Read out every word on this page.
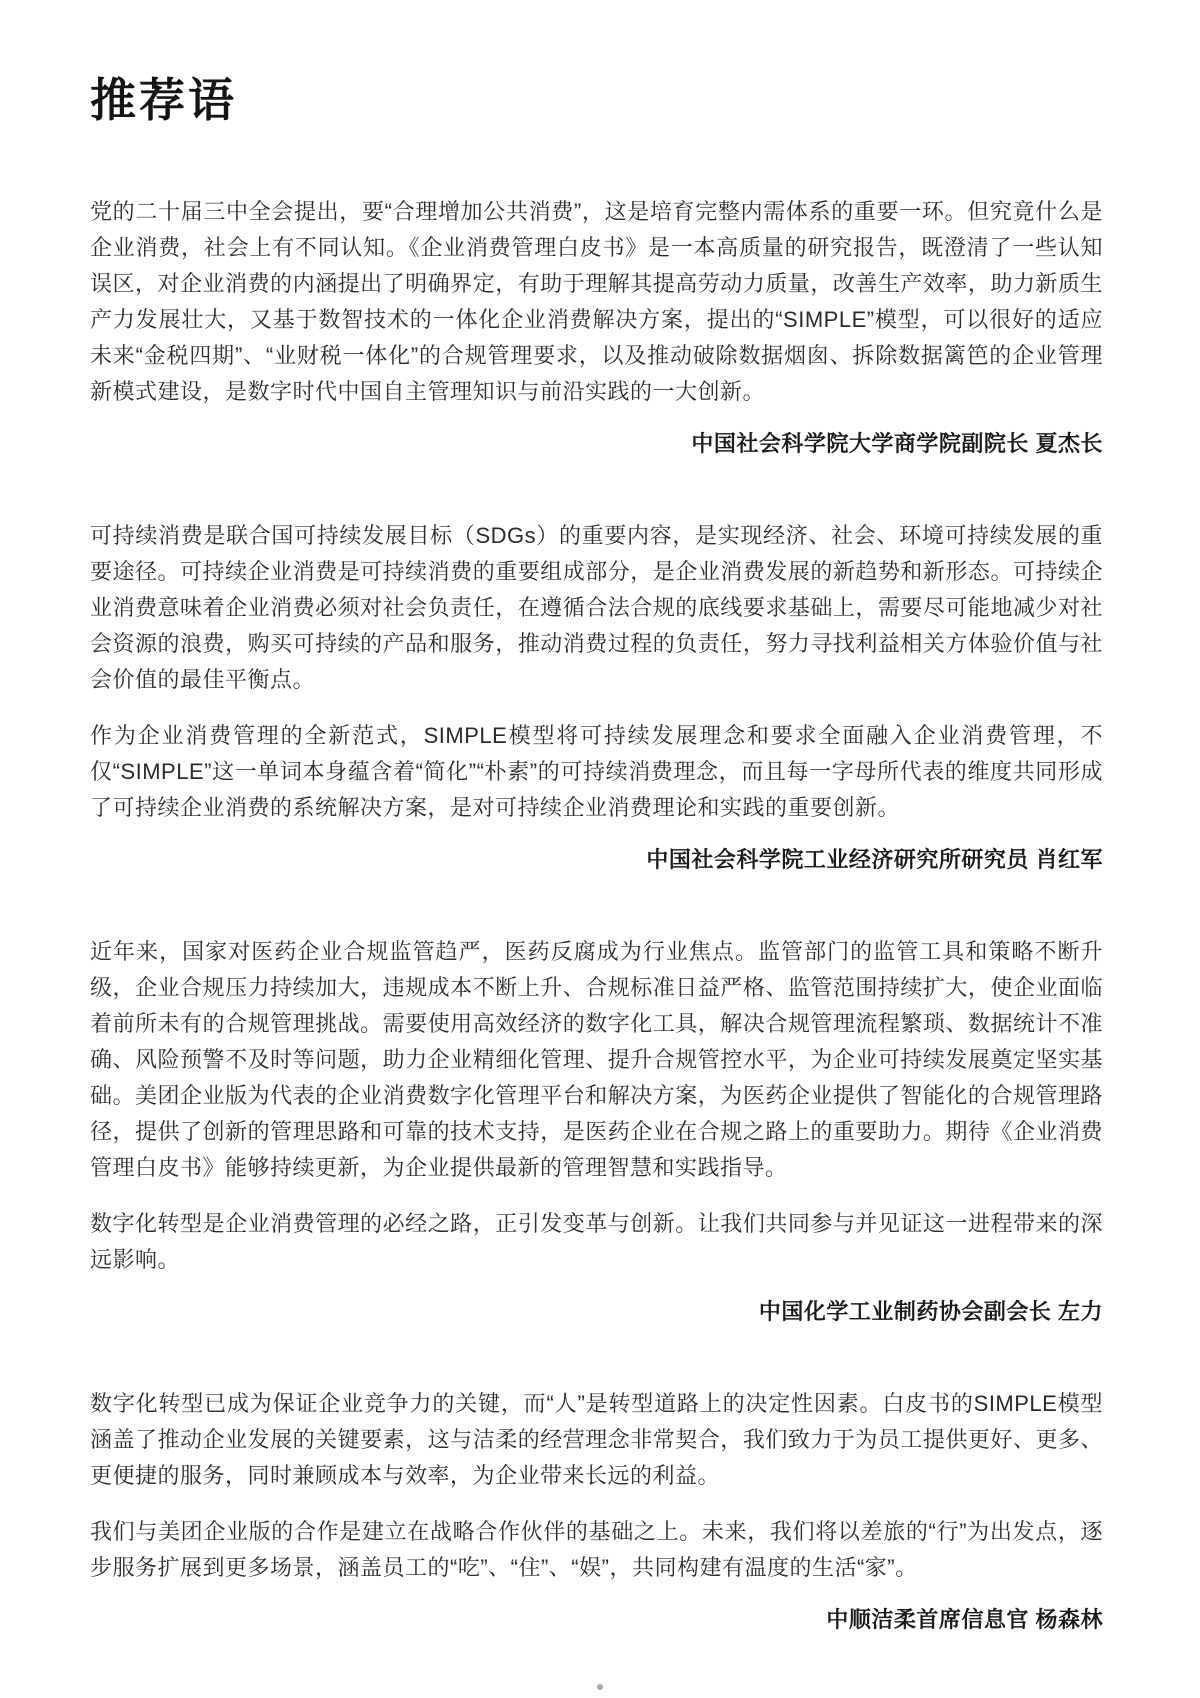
推荐语

党的二十届三中全会提出，要“合理增加公共消费”，这是培育完整内需体系的重要一环。但究竟什么是企业消费，社会上有不同认知。《企业消费管理白皮书》是一本高质量的研究报告，既澄清了一些认知误区，对企业消费的内涵提出了明确界定，有助于理解其提高劳动力质量，改善生产效率，助力新质生产力发展壮大，又基于数智技术的一体化企业消费解决方案，提出的“SIMPLE”模型，可以很好的适应未来“金税四期”、“业财税一体化”的合规管理要求，以及推动破除数据烟囱、拆除数据篱笆的企业管理新模式建设，是数字时代中国自主管理知识与前沿实践的一大创新。

中国社会科学院大学商学院副院长 夏杰长

可持续消费是联合国可持续发展目标（SDGs）的重要内容，是实现经济、社会、环境可持续发展的重要途径。可持续企业消费是可持续消费的重要组成部分，是企业消费发展的新趋势和新形态。可持续企业消费意味着企业消费必须对社会负责任，在遵循合法合规的底线要求基础上，需要尽可能地减少对社会资源的浪费，购买可持续的产品和服务，推动消费过程的负责任，努力寻找利益相关方体验价值与社会价值的最佳平衡点。

作为企业消费管理的全新范式，SIMPLE模型将可持续发展理念和要求全面融入企业消费管理，不仅“SIMPLE”这一单词本身蕴含着“简化”“朴素”的可持续消费理念，而且每一字母所代表的维度共同形成了可持续企业消费的系统解决方案，是对可持续企业消费理论和实践的重要创新。

中国社会科学院工业经济研究所研究员 肖红军

近年来，国家对医药企业合规监管趋严，医药反腐成为行业焦点。监管部门的监管工具和策略不断升级，企业合规压力持续加大，违规成本不断上升、合规标准日益严格、监管范围持续扩大，使企业面临着前所未有的合规管理挑战。需要使用高效经济的数字化工具，解决合规管理流程繁琐、数据统计不准确、风险预警不及时等问题，助力企业精细化管理、提升合规管控水平，为企业可持续发展奠定坚实基础。美团企业版为代表的企业消费数字化管理平台和解决方案，为医药企业提供了智能化的合规管理路径，提供了创新的管理思路和可靠的技术支持，是医药企业在合规之路上的重要助力。期待《企业消费管理白皮书》能够持续更新，为企业提供最新的管理智慧和实践指导。

数字化转型是企业消费管理的必经之路，正引发变革与创新。让我们共同参与并见证这一进程带来的深远影响。

中国化学工业制药协会副会长 左力

数字化转型已成为保证企业竞争力的关键，而“人”是转型道路上的决定性因素。白皮书的SIMPLE模型涵盖了推动企业发展的关键要素，这与洁柔的经营理念非常契合，我们致力于为员工提供更好、更多、更便捷的服务，同时兼顾成本与效率，为企业带来长远的利益。

我们与美团企业版的合作是建立在战略合作伙伴的基础之上。未来，我们将以差旅的“行”为出发点，逐步服务扩展到更多场景，涵盖员工的“吃”、“住”、“娱”，共同构建有温度的生活“家”。

中顺洁柔首席信息官 杨森林
